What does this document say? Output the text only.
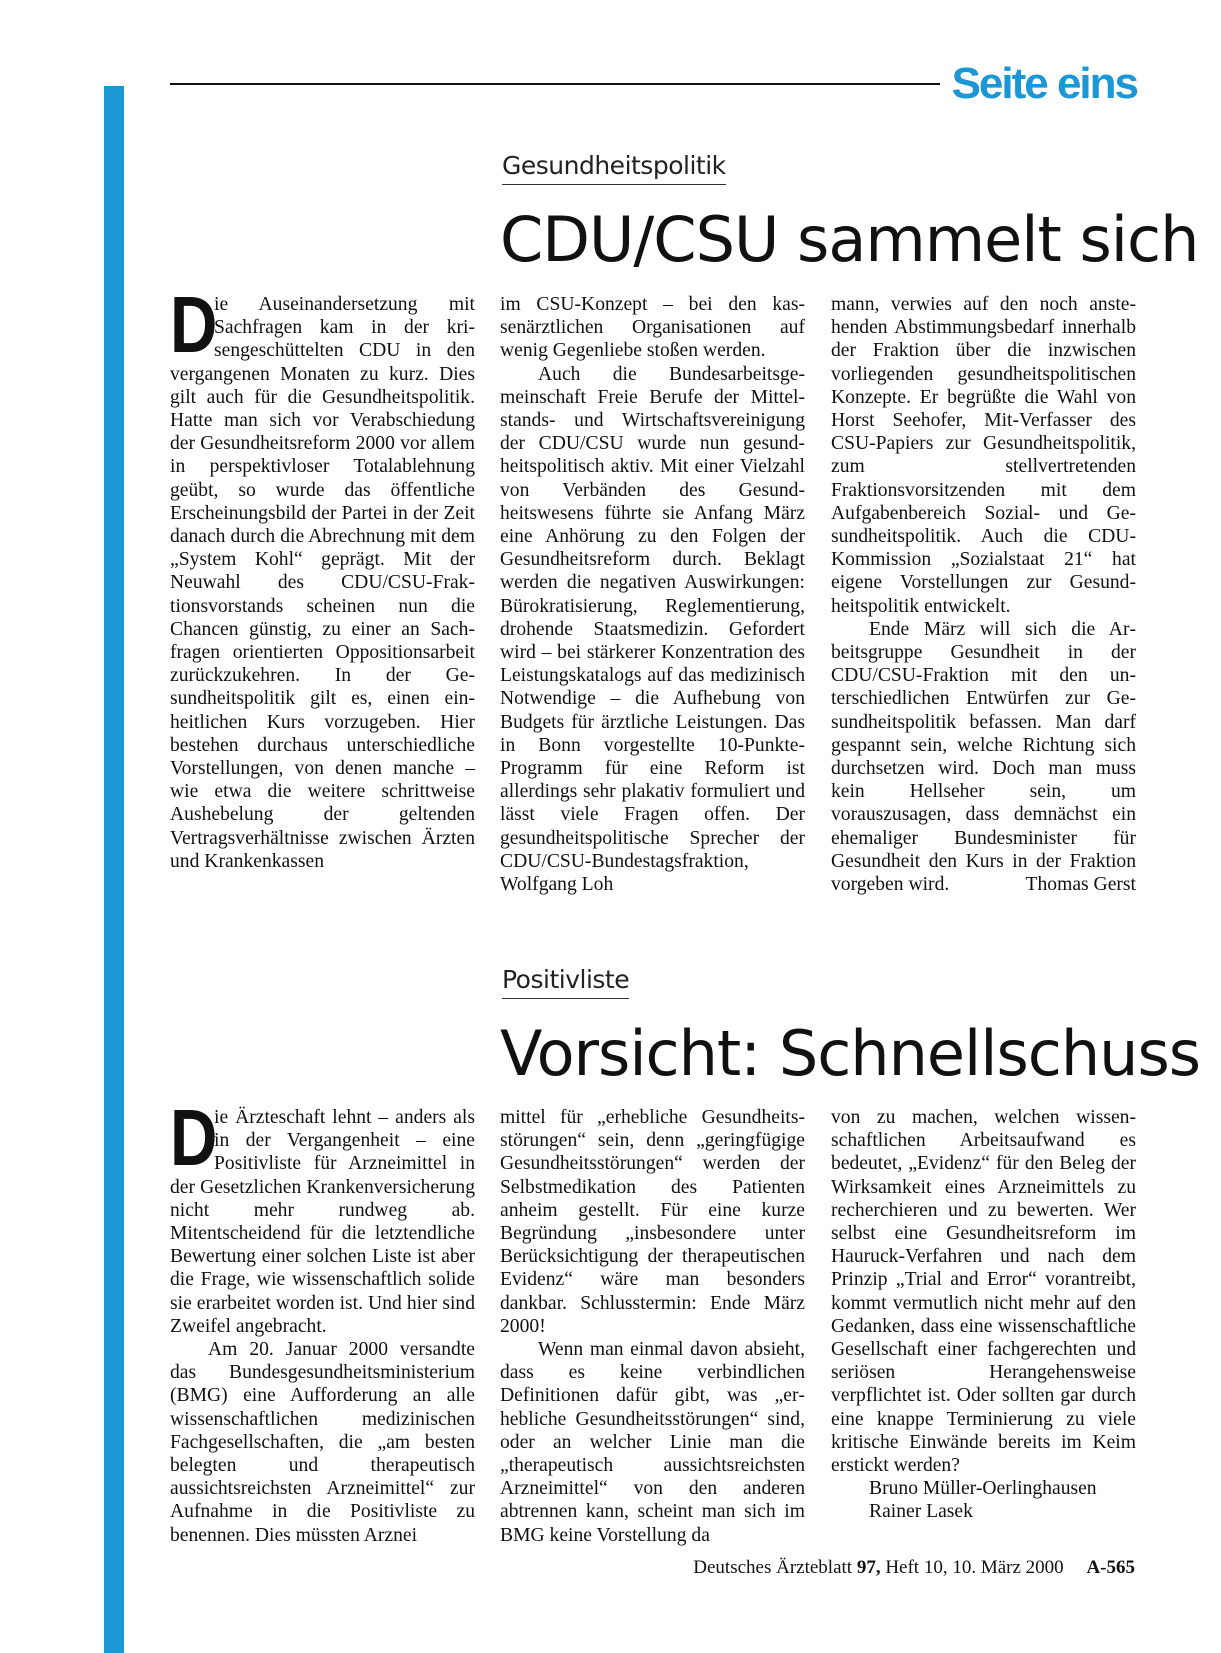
Seite eins
Gesundheitspolitik
CDU/CSU sammelt sich

D
ie Auseinandersetzung mit Sachfragen kam in der krisengeschüttelten CDU in den vergangenen Monaten zu kurz. Dies gilt auch für die Gesundheitspolitik. Hatte man sich vor Verabschiedung der Gesundheitsreform 2000 vor allem in perspektivloser Totalablehnung geübt, so wurde das öffentliche Erscheinungsbild der Partei in der Zeit danach durch die Abrechnung mit dem „System Kohl“ geprägt. Mit der Neuwahl des CDU/CSU-Fraktionsvorstands scheinen nun die Chancen günstig, zu einer an Sachfragen orientierten Oppositionsarbeit zurückzukehren. In der Gesundheitspolitik gilt es, einen einheitlichen Kurs vorzugeben. Hier bestehen durchaus unterschiedliche Vorstellungen, von denen manche – wie etwa die weitere schrittweise Aushebelung der geltenden Vertragsverhältnisse zwischen Ärzten und Krankenkassen

im CSU-Konzept – bei den kassenärztlichen Organisationen auf wenig Gegenliebe stoßen werden.

Auch die Bundesarbeitsgemeinschaft Freie Berufe der Mittelstands- und Wirtschaftsvereinigung der CDU/CSU wurde nun gesundheitspolitisch aktiv. Mit einer Vielzahl von Verbänden des Gesundheitswesens führte sie Anfang März eine Anhörung zu den Folgen der Gesundheitsreform durch. Beklagt werden die negativen Auswirkungen: Bürokratisierung, Reglementierung, drohende Staatsmedizin. Gefordert wird – bei stärkerer Konzentration des Leistungskatalogs auf das medizinisch Notwendige – die Aufhebung von Budgets für ärztliche Leistungen. Das in Bonn vorgestellte 10-Punkte-Programm für eine Reform ist allerdings sehr plakativ formuliert und lässt viele Fragen offen. Der gesundheitspolitische Sprecher der CDU/CSU-Bundestagsfraktion, Wolfgang Loh

mann, verwies auf den noch anstehenden Abstimmungsbedarf innerhalb der Fraktion über die inzwischen vorliegenden gesundheitspolitischen Konzepte. Er begrüßte die Wahl von Horst Seehofer, Mit-Verfasser des CSU-Papiers zur Gesundheitspolitik, zum stellvertretenden Fraktionsvorsitzenden mit dem Aufgabenbereich Sozial- und Gesundheitspolitik. Auch die CDU-Kommission „Sozialstaat 21“ hat eigene Vorstellungen zur Gesundheitspolitik entwickelt.

Ende März will sich die Arbeitsgruppe Gesundheit in der CDU/CSU-Fraktion mit den unterschiedlichen Entwürfen zur Gesundheitspolitik befassen. Man darf gespannt sein, welche Richtung sich durchsetzen wird. Doch man muss kein Hellseher sein, um vorauszusagen, dass demnächst ein ehemaliger Bundesminister für Gesundheit den Kurs in der Fraktion vorgeben wird.	Thomas Gerst

Positivliste
Vorsicht: Schnellschuss

D
ie Ärzteschaft lehnt – anders als in der Vergangenheit – eine Positivliste für Arzneimittel in der Gesetzlichen Krankenversicherung nicht mehr rundweg ab. Mitentscheidend für die letztendliche Bewertung einer solchen Liste ist aber die Frage, wie wissenschaftlich solide sie erarbeitet worden ist. Und hier sind Zweifel angebracht.

Am 20. Januar 2000 versandte das Bundesgesundheitsministerium (BMG) eine Aufforderung an alle wissenschaftlichen medizinischen Fachgesellschaften, die „am besten belegten und therapeutisch aussichtsreichsten Arzneimittel“ zur Aufnahme in die Positivliste zu benennen. Dies müssten Arznei

mittel für „erhebliche Gesundheitsstörungen“ sein, denn „geringfügige Gesundheitsstörungen“ werden der Selbstmedikation des Patienten anheim gestellt. Für eine kurze Begründung „insbesondere unter Berücksichtigung der therapeutischen Evidenz“ wäre man besonders dankbar. Schlusstermin: Ende März 2000!

Wenn man einmal davon absieht, dass es keine verbindlichen Definitionen dafür gibt, was „erhebliche Gesundheitsstörungen“ sind, oder an welcher Linie man die „therapeutisch aussichtsreichsten Arzneimittel“ von den anderen abtrennen kann, scheint man sich im BMG keine Vorstellung da

von zu machen, welchen wissenschaftlichen Arbeitsaufwand es bedeutet, „Evidenz“ für den Beleg der Wirksamkeit eines Arzneimittels zu recherchieren und zu bewerten. Wer selbst eine Gesundheitsreform im Hauruck-Verfahren und nach dem Prinzip „Trial and Error“ vorantreibt, kommt vermutlich nicht mehr auf den Gedanken, dass eine wissenschaftliche Gesellschaft einer fachgerechten und seriösen Herangehensweise verpflichtet ist. Oder sollten gar durch eine knappe Terminierung zu viele kritische Einwände bereits im Keim erstickt werden?

Bruno Müller-Oerlinghausen

Rainer Lasek

Deutsches Ärzteblatt 97, Heft 10, 10. März 2000 A-565
